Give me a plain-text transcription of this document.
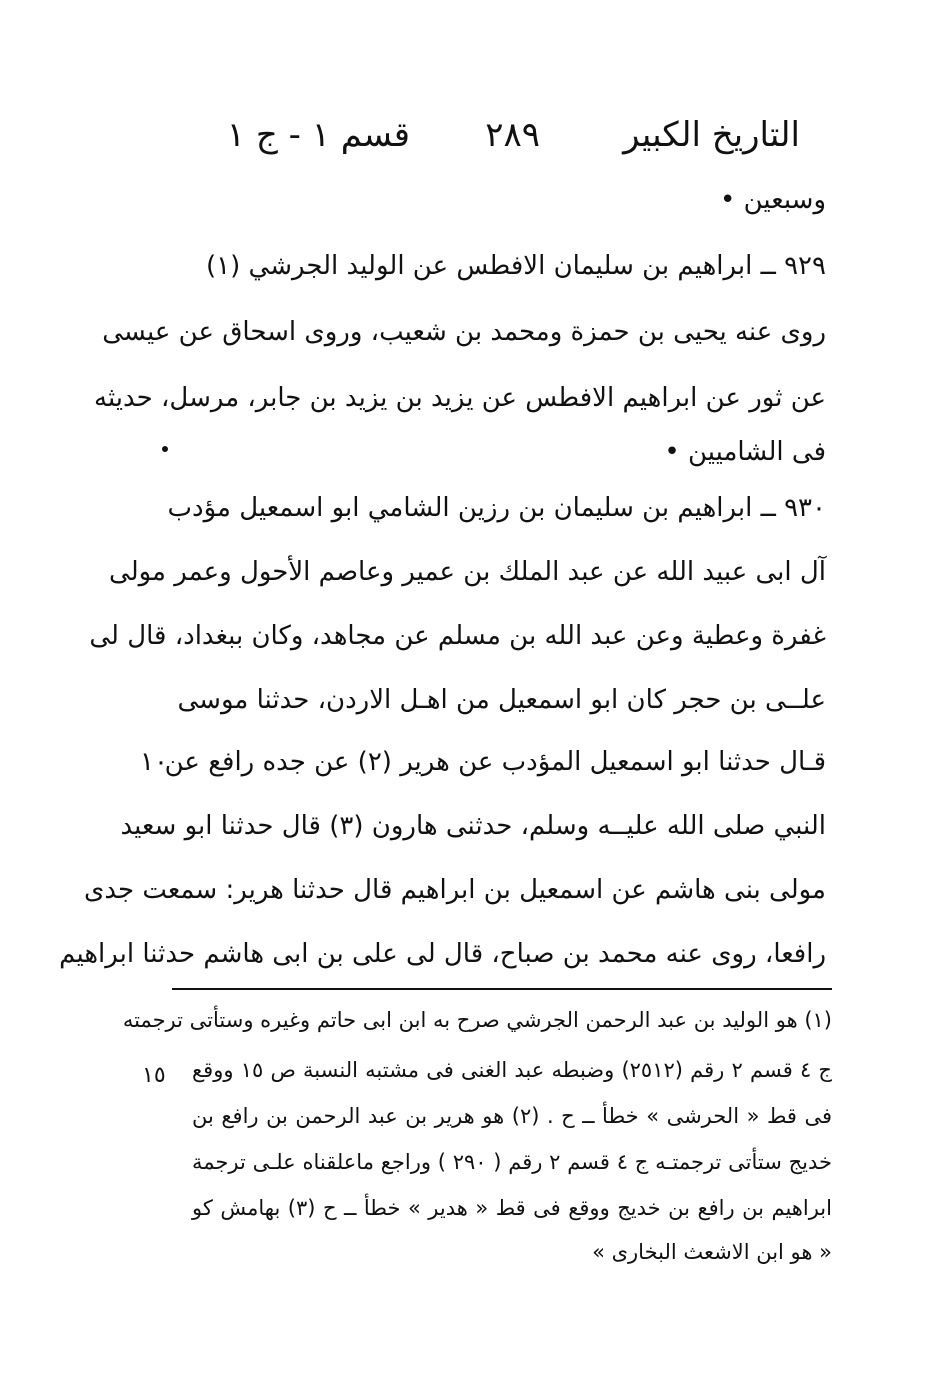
التاريخ الكبير
٢٨٩
قسم ١ - ج ١
وسبعين •
٩٢٩ ــ ابراهيم بن سليمان الافطس عن الوليد الجرشي (١)
روى عنه يحيى بن حمزة ومحمد بن شعيب، وروى اسحاق عن عيسى
عن ثور عن ابراهيم الافطس عن يزيد بن يزيد بن جابر، مرسل، حديثه
فى الشاميين •
٩٣٠ ــ ابراهيم بن سليمان بن رزين الشامي ابو اسمعيل مؤدب
آل ابى عبيد الله عن عبد الملك بن عمير وعاصم الأحول وعمر مولى
غفرة وعطية وعن عبد الله بن مسلم عن مجاهد، وكان ببغداد، قال لى
علــى بن حجر كان ابو اسمعيل من اهـل الاردن، حدثنا موسى
قـال حدثنا ابو اسمعيل المؤدب عن هرير (٢) عن جده رافع عن
النبي صلى الله عليــه وسلم، حدثنى هارون (٣) قال حدثنا ابو سعيد
مولى بنى هاشم عن اسمعيل بن ابراهيم قال حدثنا هرير: سمعت جدى
رافعا، روى عنه محمد بن صباح، قال لى على بن ابى هاشم حدثنا ابراهيم
١٠
(١) هو الوليد بن عبد الرحمن الجرشي صرح به ابن ابى حاتم وغيره وستأتى ترجمته
ج ٤ قسم ٢ رقم (٢٥١٢) وضبطه عبد الغنى فى مشتبه النسبة ص ١٥ ووقع
فى قط « الحرشى » خطأ ــ ح . (٢) هو هرير بن عبد الرحمن بن رافع بن
خديج ستأتى ترجمتـه ج ٤ قسم ٢ رقم ( ٢٩٠ ) وراجع ماعلقناه علـى ترجمة
ابراهيم بن رافع بن خديج ووقع فى قط « هدير » خطأ ــ ح (٣) بهامش كو
« هو ابن الاشعث البخارى »
١٥
